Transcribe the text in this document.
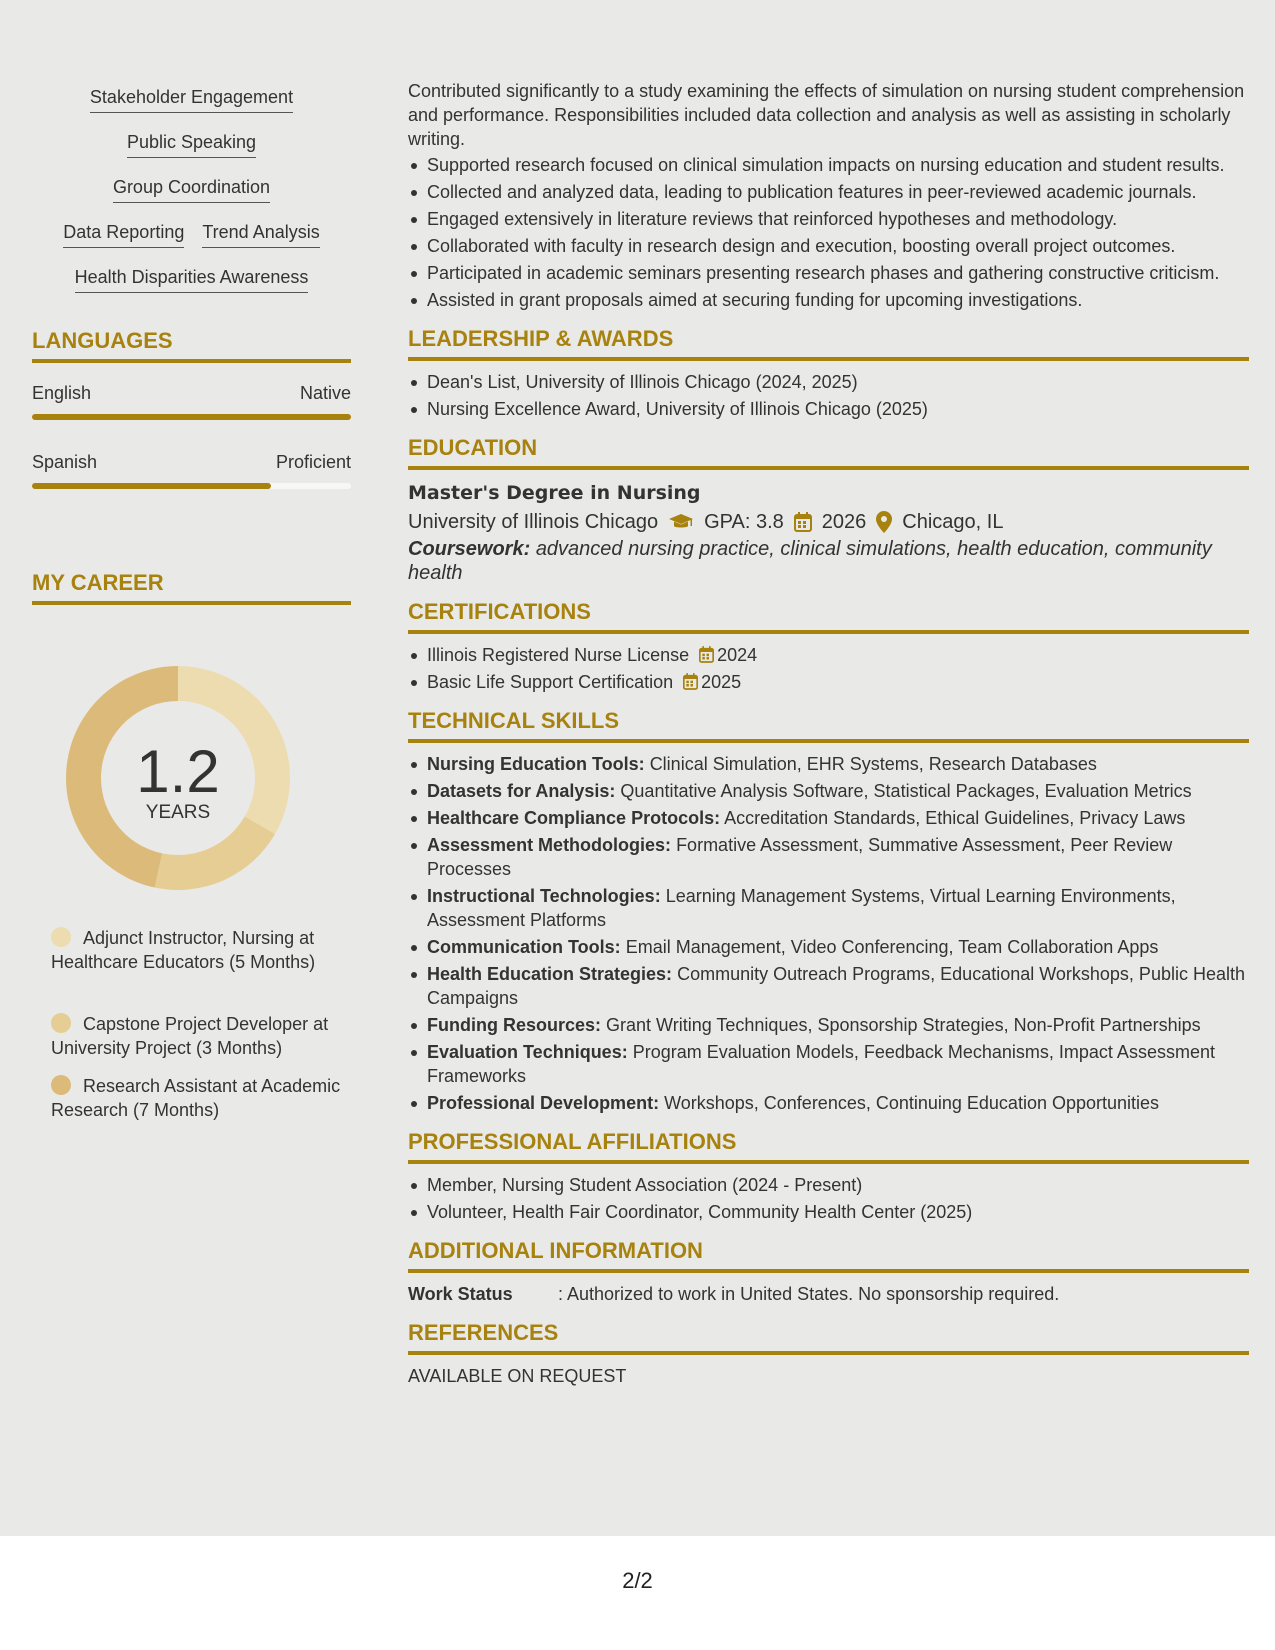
Stakeholder Engagement
Public Speaking
Group Coordination
Data Reporting Trend Analysis
Health Disparities Awareness
LANGUAGES
English	Native
Spanish	Proficient
MY CAREER
1.2
YEARS
Adjunct Instructor, Nursing at Healthcare Educators (5 Months)
Capstone Project Developer at University Project (3 Months)
Research Assistant at Academic Research (7 Months)

Contributed significantly to a study examining the effects of simulation on nursing student comprehension and performance. Responsibilities included data collection and analysis as well as assisting in scholarly writing.

Supported research focused on clinical simulation impacts on nursing education and student results.
Collected and analyzed data, leading to publication features in peer-reviewed academic journals.
Engaged extensively in literature reviews that reinforced hypotheses and methodology.
Collaborated with faculty in research design and execution, boosting overall project outcomes.
Participated in academic seminars presenting research phases and gathering constructive criticism.
Assisted in grant proposals aimed at securing funding for upcoming investigations.
LEADERSHIP & AWARDS
Dean's List, University of Illinois Chicago (2024, 2025)
Nursing Excellence Award, University of Illinois Chicago (2025)
EDUCATION
Master's Degree in Nursing
University of Illinois Chicago GPA: 3.8 2026 Chicago, IL
Coursework: advanced nursing practice, clinical simulations, health education, community health
CERTIFICATIONS
Illinois Registered Nurse License 2024
Basic Life Support Certification 2025
TECHNICAL SKILLS
Nursing Education Tools: Clinical Simulation, EHR Systems, Research Databases
Datasets for Analysis: Quantitative Analysis Software, Statistical Packages, Evaluation Metrics
Healthcare Compliance Protocols: Accreditation Standards, Ethical Guidelines, Privacy Laws
Assessment Methodologies: Formative Assessment, Summative Assessment, Peer Review Processes
Instructional Technologies: Learning Management Systems, Virtual Learning Environments, Assessment Platforms
Communication Tools: Email Management, Video Conferencing, Team Collaboration Apps
Health Education Strategies: Community Outreach Programs, Educational Workshops, Public Health Campaigns
Funding Resources: Grant Writing Techniques, Sponsorship Strategies, Non-Profit Partnerships
Evaluation Techniques: Program Evaluation Models, Feedback Mechanisms, Impact Assessment Frameworks
Professional Development: Workshops, Conferences, Continuing Education Opportunities
PROFESSIONAL AFFILIATIONS
Member, Nursing Student Association (2024 - Present)
Volunteer, Health Fair Coordinator, Community Health Center (2025)
ADDITIONAL INFORMATION
Work Status	: Authorized to work in United States. No sponsorship required.
REFERENCES
AVAILABLE ON REQUEST
2/2
